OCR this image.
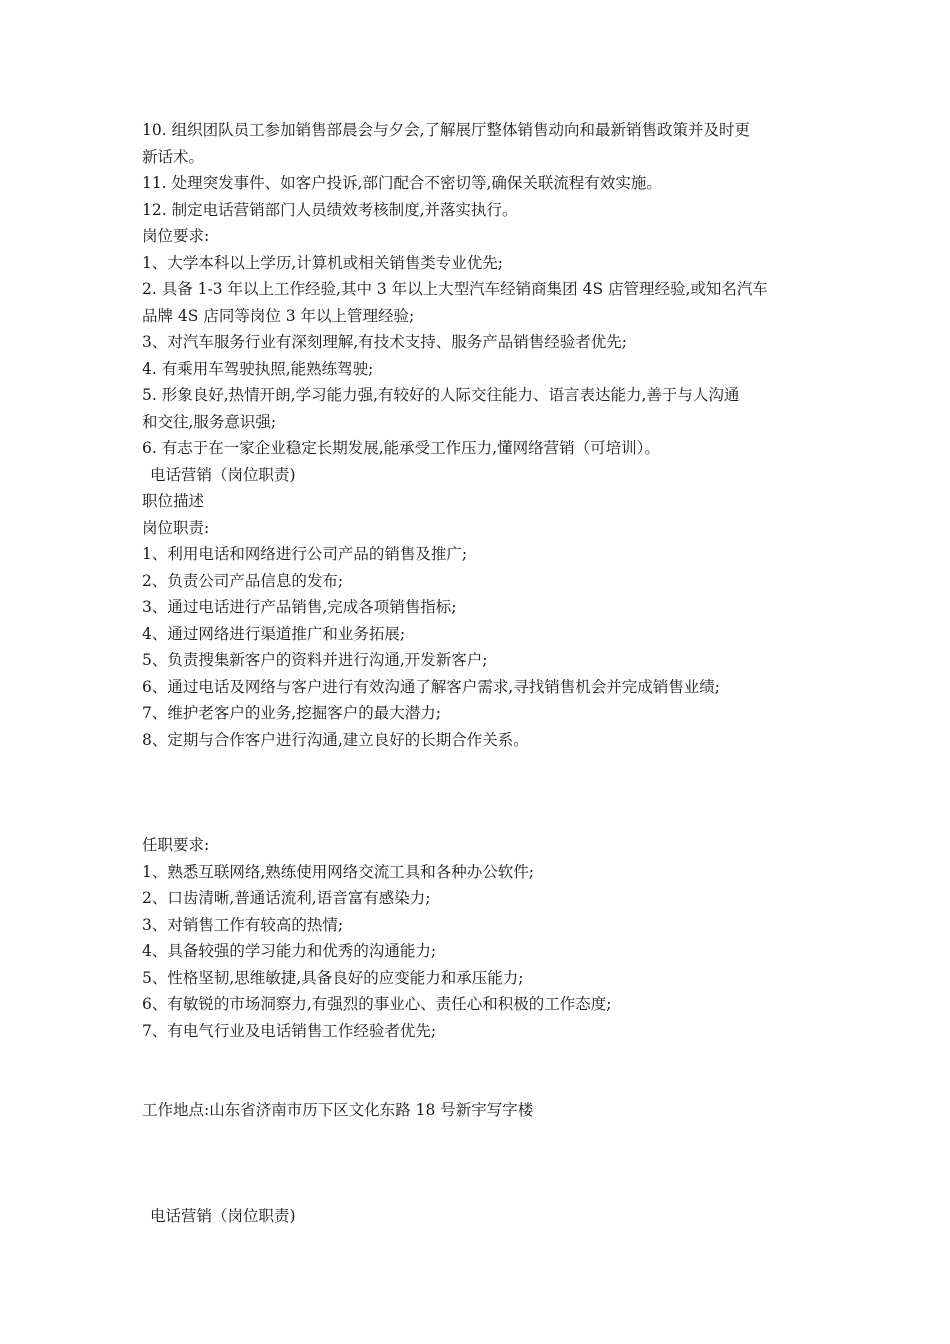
10. 组织团队员工参加销售部晨会与夕会,了解展厅整体销售动向和最新销售政策并及时更
新话术。
11. 处理突发事件、如客户投诉,部门配合不密切等,确保关联流程有效实施。
12. 制定电话营销部门人员绩效考核制度,并落实执行。
岗位要求:
1、大学本科以上学历,计算机或相关销售类专业优先;
2. 具备 1-3 年以上工作经验,其中 3 年以上大型汽车经销商集团 4S 店管理经验,或知名汽车
品牌 4S 店同等岗位 3 年以上管理经验;
3、对汽车服务行业有深刻理解,有技术支持、服务产品销售经验者优先;
4. 有乘用车驾驶执照,能熟练驾驶;
5. 形象良好,热情开朗,学习能力强,有较好的人际交往能力、语言表达能力,善于与人沟通
和交往,服务意识强;
6. 有志于在一家企业稳定长期发展,能承受工作压力,懂网络营销（可培训）。
电话营销（岗位职责)
职位描述
岗位职责:
1、利用电话和网络进行公司产品的销售及推广;
2、负责公司产品信息的发布;
3、通过电话进行产品销售,完成各项销售指标;
4、通过网络进行渠道推广和业务拓展;
5、负责搜集新客户的资料并进行沟通,开发新客户;
6、通过电话及网络与客户进行有效沟通了解客户需求,寻找销售机会并完成销售业绩;
7、维护老客户的业务,挖掘客户的最大潜力;
8、定期与合作客户进行沟通,建立良好的长期合作关系。
任职要求:
1、熟悉互联网络,熟练使用网络交流工具和各种办公软件;
2、口齿清晰,普通话流利,语音富有感染力;
3、对销售工作有较高的热情;
4、具备较强的学习能力和优秀的沟通能力;
5、性格坚韧,思维敏捷,具备良好的应变能力和承压能力;
6、有敏锐的市场洞察力,有强烈的事业心、责任心和积极的工作态度;
7、有电气行业及电话销售工作经验者优先;
工作地点:山东省济南市历下区文化东路 18 号新宇写字楼
电话营销（岗位职责)
